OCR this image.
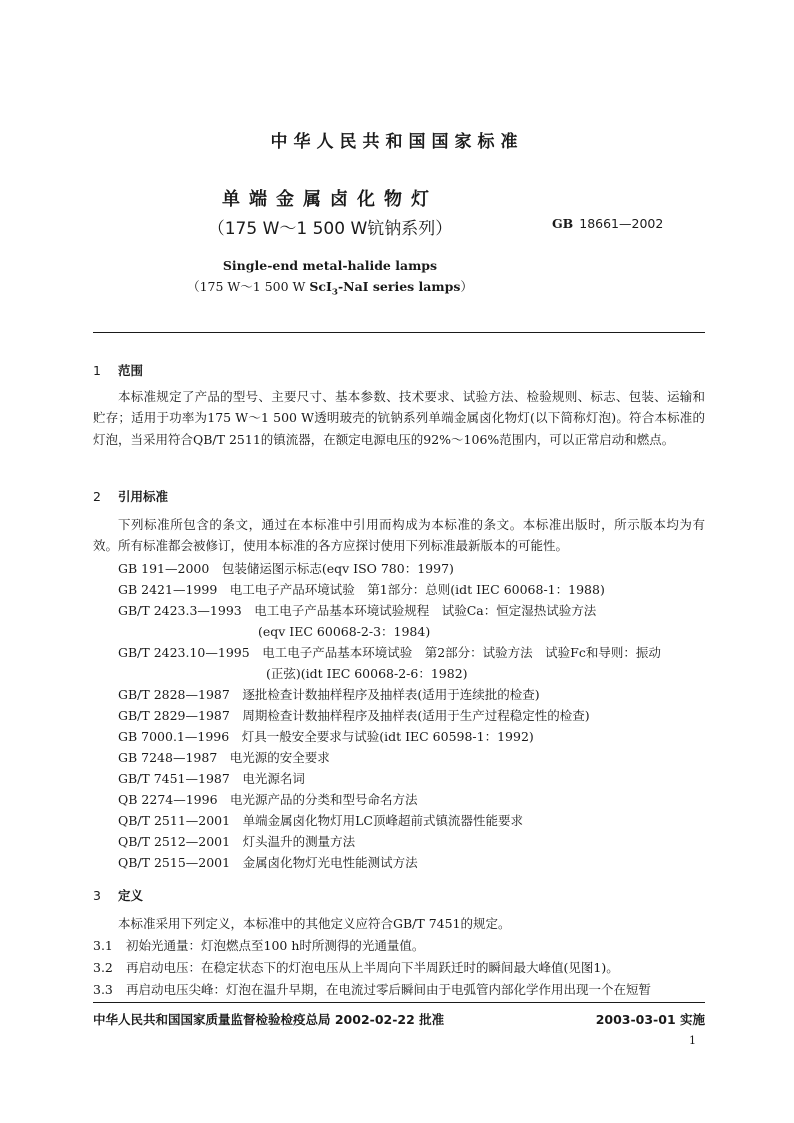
中华人民共和国国家标准
单端金属卤化物灯
（175 W～1 500 W钪钠系列）	GB 18661—2002
Single-end metal-halide lamps
（175 W～1 500 W ScI$_3$-NaI series lamps）
1 范围
本标准规定了产品的型号、主要尺寸、基本参数、技术要求、试验方法、检验规则、标志、包装、运输和贮存；适用于功率为175 W～1 500 W透明玻壳的钪钠系列单端金属卤化物灯(以下简称灯泡)。符合本标准的灯泡，当采用符合QB/T 2511的镇流器，在额定电源电压的92%～106%范围内，可以正常启动和燃点。
2 引用标准
下列标准所包含的条文，通过在本标准中引用而构成为本标准的条文。本标准出版时，所示版本均为有效。所有标准都会被修订，使用本标准的各方应探讨使用下列标准最新版本的可能性。
GB 191—2000　包装储运图示标志(eqv ISO 780：1997)
GB 2421—1999　电工电子产品环境试验　第1部分：总则(idt IEC 60068-1：1988)
GB/T 2423.3—1993　电工电子产品基本环境试验规程　试验Ca：恒定湿热试验方法
(eqv IEC 60068-2-3：1984)
GB/T 2423.10—1995　电工电子产品基本环境试验　第2部分：试验方法　试验Fc和导则：振动
(正弦)(idt IEC 60068-2-6：1982)
GB/T 2828—1987　逐批检查计数抽样程序及抽样表(适用于连续批的检查)
GB/T 2829—1987　周期检查计数抽样程序及抽样表(适用于生产过程稳定性的检查)
GB 7000.1—1996　灯具一般安全要求与试验(idt IEC 60598-1：1992)
GB 7248—1987　电光源的安全要求
GB/T 7451—1987　电光源名词
QB 2274—1996　电光源产品的分类和型号命名方法
QB/T 2511—2001　单端金属卤化物灯用LC顶峰超前式镇流器性能要求
QB/T 2512—2001　灯头温升的测量方法
QB/T 2515—2001　金属卤化物灯光电性能测试方法
3 定义
本标准采用下列定义，本标准中的其他定义应符合GB/T 7451的规定。
3.1 初始光通量：灯泡燃点至100 h时所测得的光通量值。
3.2 再启动电压：在稳定状态下的灯泡电压从上半周向下半周跃迁时的瞬间最大峰值(见图1)。
3.3 再启动电压尖峰：灯泡在温升早期，在电流过零后瞬间由于电弧管内部化学作用出现一个在短暂
中华人民共和国国家质量监督检验检疫总局 2002-02-22 批准	2003-03-01 实施
1
